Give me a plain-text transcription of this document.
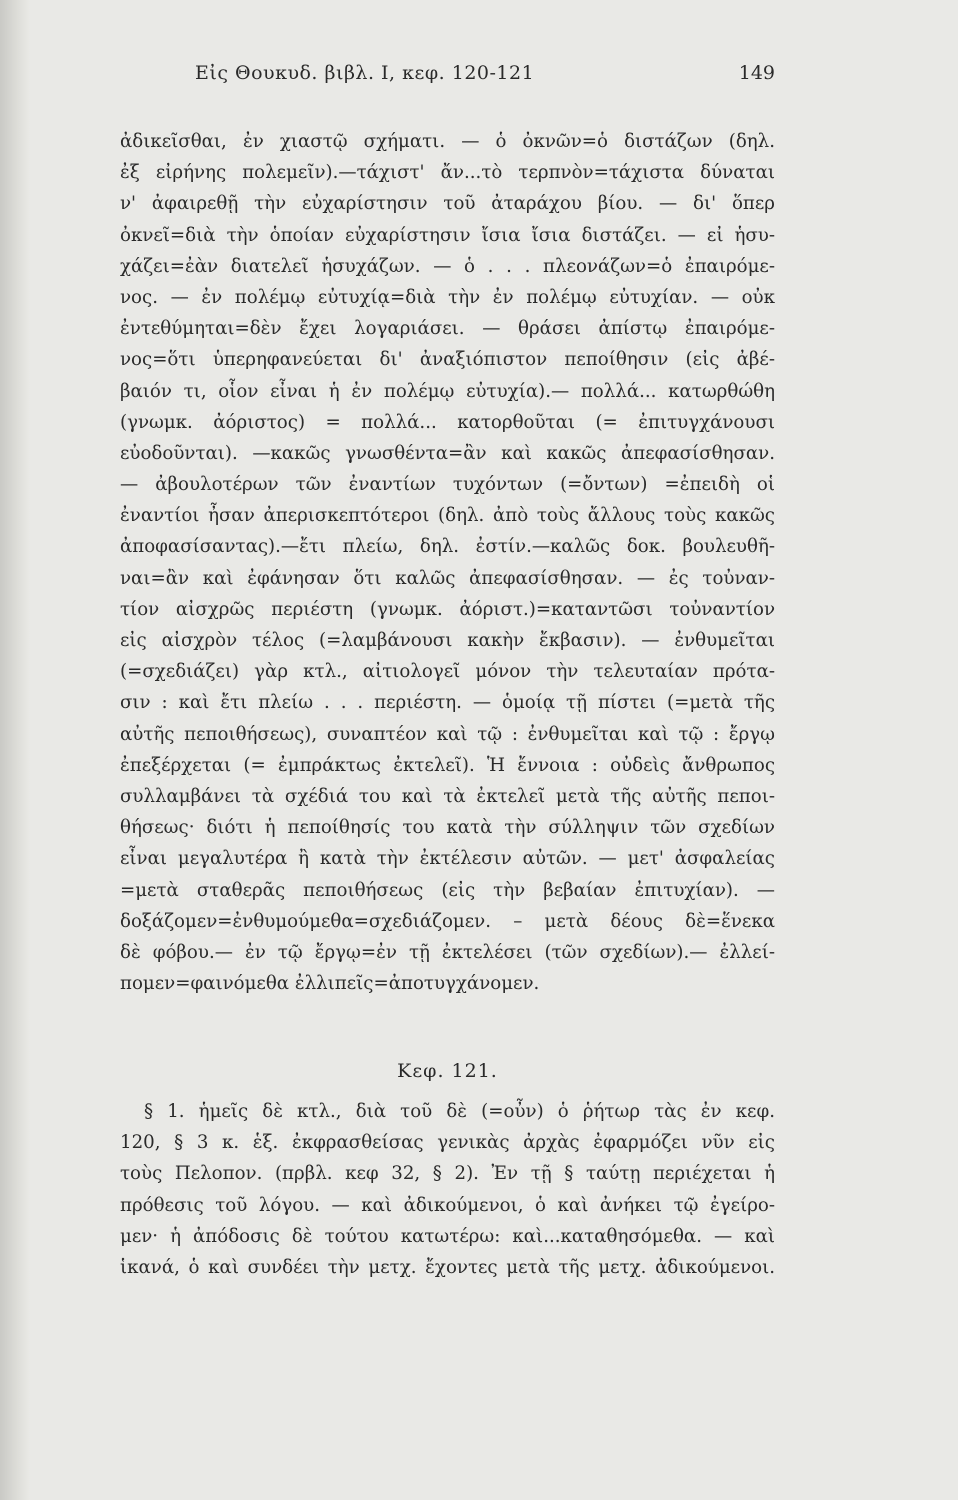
Εἰς Θουκυδ. βιβλ. Ι, κεφ. 120-121	149
ἀδικεῖσθαι, ἐν χιαστῷ σχήματι. — ὁ ὀκνῶν=ὁ διστάζων (δηλ.
ἐξ εἰρήνης πολεμεῖν).—τάχιστ' ἄν...τὸ τερπνὸν=τάχιστα δύναται
ν' ἀφαιρεθῇ τὴν εὐχαρίστησιν τοῦ ἀταράχου βίου. — δι' ὅπερ
ὀκνεῖ=διὰ τὴν ὁποίαν εὐχαρίστησιν ἴσια ἴσια διστάζει. — εἰ ἡσυ-
χάζει=ἐὰν διατελεῖ ἡσυχάζων. — ὁ . . . πλεονάζων=ὁ ἐπαιρόμε-
νος. — ἐν πολέμῳ εὐτυχίᾳ=διὰ τὴν ἐν πολέμῳ εὐτυχίαν. — οὐκ
ἐντεθύμηται=δὲν ἔχει λογαριάσει. — θράσει ἀπίστῳ ἐπαιρόμε-
νος=ὅτι ὑπερηφανεύεται δι' ἀναξιόπιστον πεποίθησιν (εἰς ἀβέ-
βαιόν τι, οἷον εἶναι ἡ ἐν πολέμῳ εὐτυχία).— πολλά... κατωρθώθη
(γνωμκ. ἀόριστος) = πολλά... κατορθοῦται (= ἐπιτυγχάνουσι
εὐοδοῦνται). —κακῶς γνωσθέντα=ἂν καὶ κακῶς ἀπεφασίσθησαν.
— ἀβουλοτέρων τῶν ἐναντίων τυχόντων (=ὄντων) =ἐπειδὴ οἱ
ἐναντίοι ἦσαν ἀπερισκεπτότεροι (δηλ. ἀπὸ τοὺς ἄλλους τοὺς κακῶς
ἀποφασίσαντας).—ἔτι πλείω, δηλ. ἐστίν.—καλῶς δοκ. βουλευθῆ-
ναι=ἂν καὶ ἐφάνησαν ὅτι καλῶς ἀπεφασίσθησαν. — ἐς τοὐναν-
τίον αἰσχρῶς περιέστη (γνωμκ. ἀόριστ.)=καταντῶσι τοὐναντίον
εἰς αἰσχρὸν τέλος (=λαμβάνουσι κακὴν ἔκβασιν). — ἐνθυμεῖται
(=σχεδιάζει) γὰρ κτλ., αἰτιολογεῖ μόνον τὴν τελευταίαν πρότα-
σιν : καὶ ἔτι πλείω . . . περιέστη. — ὁμοίᾳ τῇ πίστει (=μετὰ τῆς
αὐτῆς πεποιθήσεως), συναπτέον καὶ τῷ : ἐνθυμεῖται καὶ τῷ : ἔργῳ
ἐπεξέρχεται (= ἐμπράκτως ἐκτελεῖ). Ἡ ἔννοια : οὐδεὶς ἄνθρωπος
συλλαμβάνει τὰ σχέδιά του καὶ τὰ ἐκτελεῖ μετὰ τῆς αὐτῆς πεποι-
θήσεως· διότι ἡ πεποίθησίς του κατὰ τὴν σύλληψιν τῶν σχεδίων
εἶναι μεγαλυτέρα ἢ κατὰ τὴν ἐκτέλεσιν αὐτῶν. — μετ' ἀσφαλείας
=μετὰ σταθερᾶς πεποιθήσεως (εἰς τὴν βεβαίαν ἐπιτυχίαν). —
δοξάζομεν=ἐνθυμούμεθα=σχεδιάζομεν. – μετὰ δέους δὲ=ἕνεκα
δὲ φόβου.— ἐν τῷ ἔργῳ=ἐν τῇ ἐκτελέσει (τῶν σχεδίων).— ἐλλεί-
πομεν=φαινόμεθα ἐλλιπεῖς=ἀποτυγχάνομεν.
Κεφ. 121.
§ 1. ἡμεῖς δὲ κτλ., διὰ τοῦ δὲ (=οὖν) ὁ ῥήτωρ τὰς ἐν κεφ.
120, § 3 κ. ἑξ. ἐκφρασθείσας γενικὰς ἀρχὰς ἐφαρμόζει νῦν εἰς
τοὺς Πελοπον. (πρβλ. κεφ 32, § 2). Ἐν τῇ § ταύτῃ περιέχεται ἡ
πρόθεσις τοῦ λόγου. — καὶ ἀδικούμενοι, ὁ καὶ ἀνήκει τῷ ἐγείρο-
μεν· ἡ ἀπόδοσις δὲ τούτου κατωτέρω: καὶ...καταθησόμεθα. — καὶ
ἱκανά, ὁ καὶ συνδέει τὴν μετχ. ἔχοντες μετὰ τῆς μετχ. ἀδικούμενοι.
